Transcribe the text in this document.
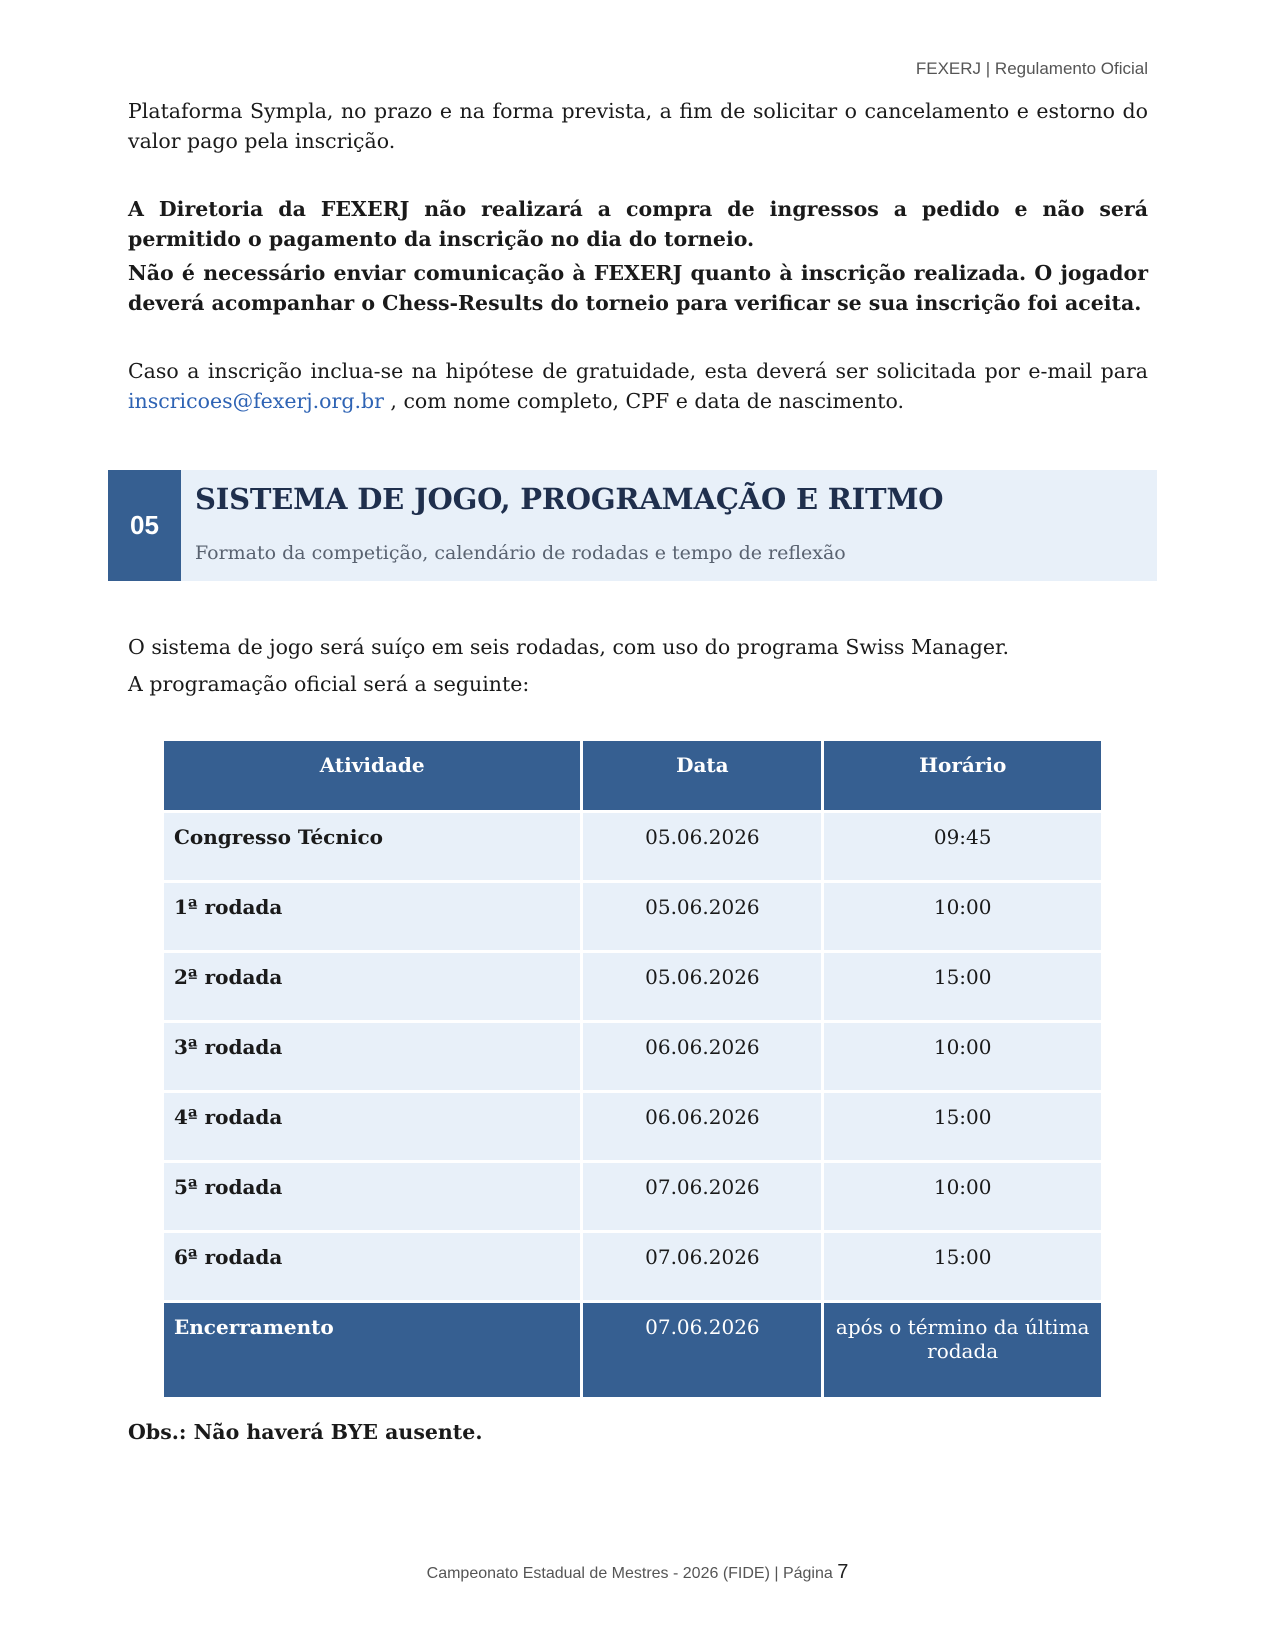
FEXERJ | Regulamento Oficial

Plataforma Sympla, no prazo e na forma prevista, a fim de solicitar o cancelamento e estorno do valor pago pela inscrição.

A Diretoria da FEXERJ não realizará a compra de ingressos a pedido e não será permitido o pagamento da inscrição no dia do torneio.

Não é necessário enviar comunicação à FEXERJ quanto à inscrição realizada. O jogador deverá acompanhar o Chess-Results do torneio para verificar se sua inscrição foi aceita.

Caso a inscrição inclua-se na hipótese de gratuidade, esta deverá ser solicitada por e-mail para inscricoes@fexerj.org.br , com nome completo, CPF e data de nascimento.

05
SISTEMA DE JOGO, PROGRAMAÇÃO E RITMO
Formato da competição, calendário de rodadas e tempo de reflexão

O sistema de jogo será suíço em seis rodadas, com uso do programa Swiss Manager.

A programação oficial será a seguinte:

Atividade	Data	Horário
Congresso Técnico	05.06.2026	09:45
1ª rodada	05.06.2026	10:00
2ª rodada	05.06.2026	15:00
3ª rodada	06.06.2026	10:00
4ª rodada	06.06.2026	15:00
5ª rodada	07.06.2026	10:00
6ª rodada	07.06.2026	15:00
Encerramento	07.06.2026	após o término da última rodada
Obs.: Não haverá BYE ausente.
Campeonato Estadual de Mestres - 2026 (FIDE) | Página 7
